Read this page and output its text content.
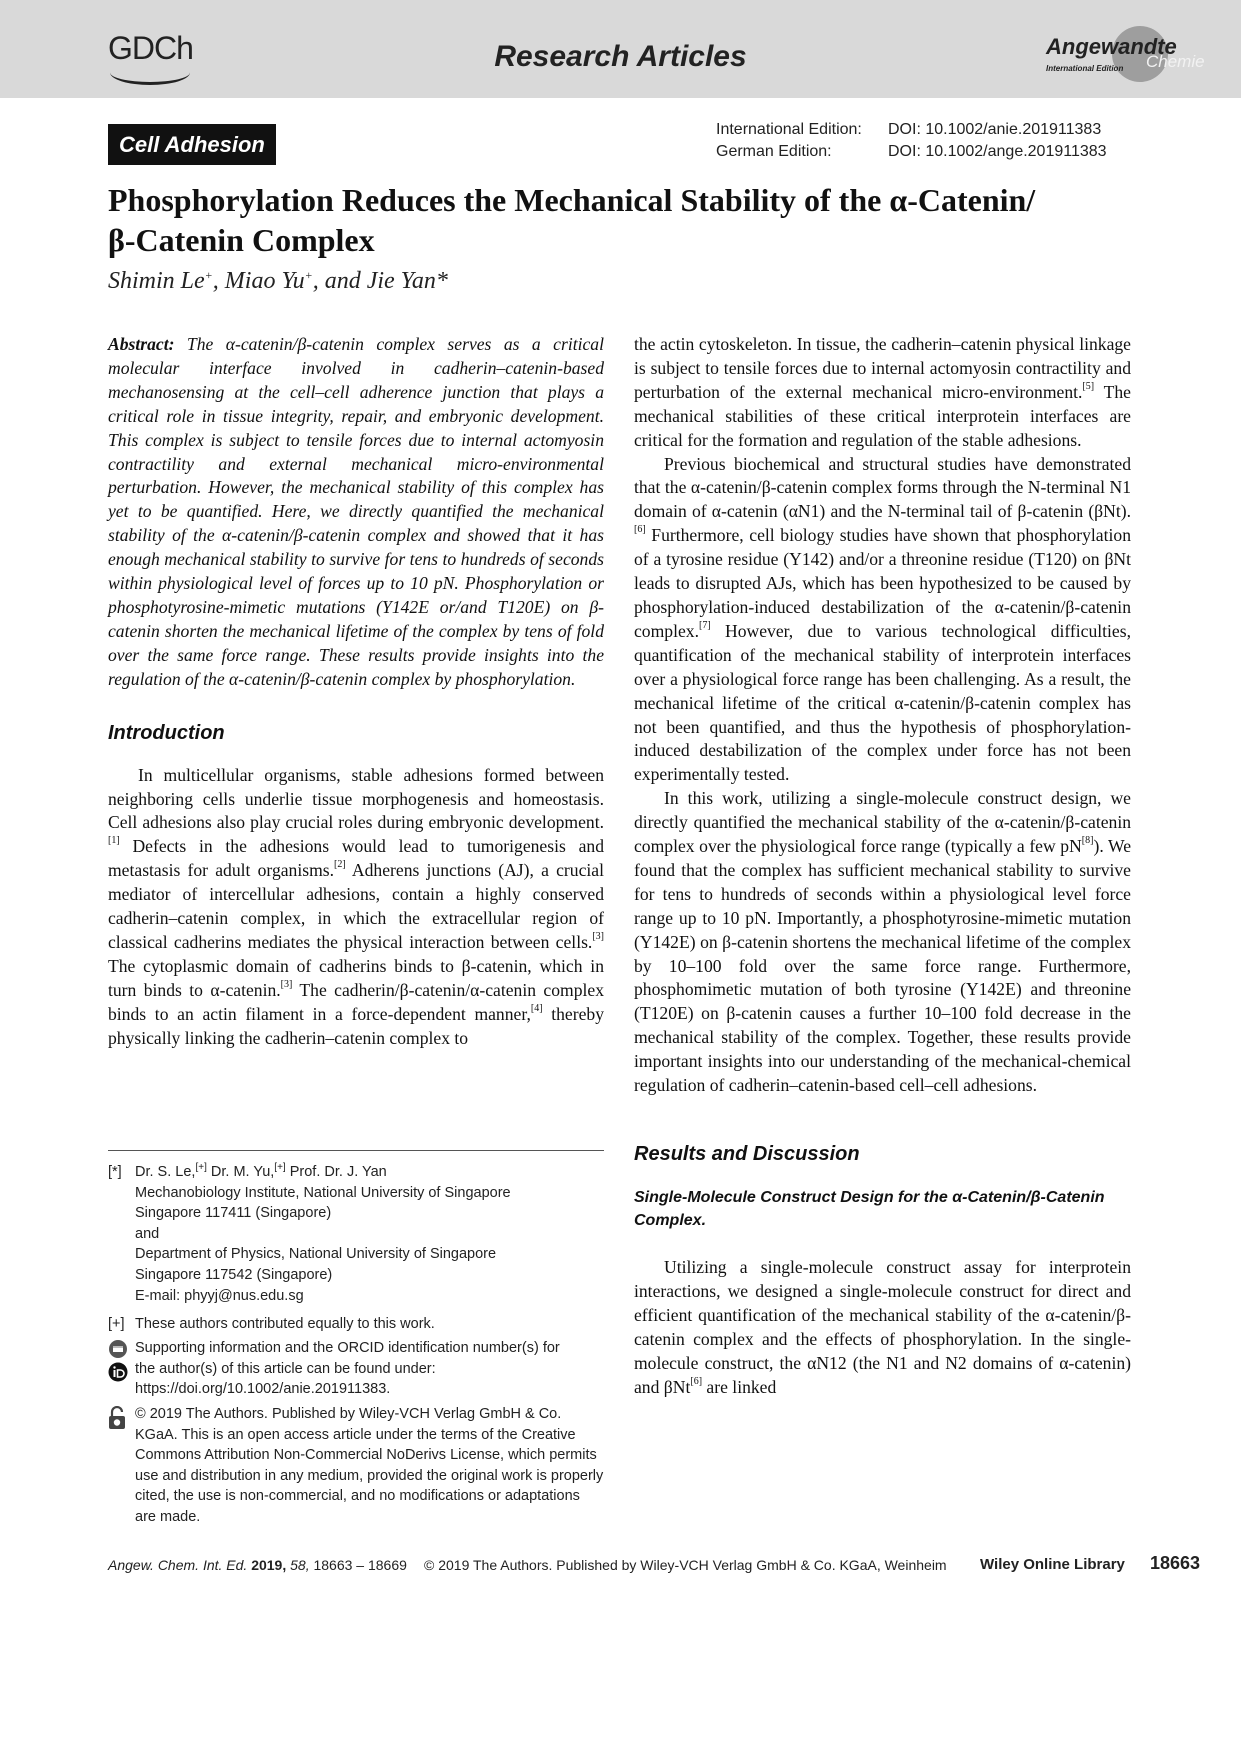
GDCh	Research Articles	Angewandte
International Edition Chemie
Cell Adhesion
International Edition:	DOI: 10.1002/anie.201911383
German Edition:	DOI: 10.1002/ange.201911383
Phosphorylation Reduces the Mechanical Stability of the α-Catenin/
β-Catenin Complex
Shimin Le+, Miao Yu+, and Jie Yan*

Abstract: The α-catenin/β-catenin complex serves as a critical molecular interface involved in cadherin–catenin-based mechanosensing at the cell–cell adherence junction that plays a critical role in tissue integrity, repair, and embryonic development. This complex is subject to tensile forces due to internal actomyosin contractility and external mechanical micro-environmental perturbation. However, the mechanical stability of this complex has yet to be quantified. Here, we directly quantified the mechanical stability of the α-catenin/β-catenin complex and showed that it has enough mechanical stability to survive for tens to hundreds of seconds within physiological level of forces up to 10 pN. Phosphorylation or phosphotyrosine-mimetic mutations (Y142E or/and T120E) on β-catenin shorten the mechanical lifetime of the complex by tens of fold over the same force range. These results provide insights into the regulation of the α-catenin/β-catenin complex by phosphorylation.

Introduction

In multicellular organisms, stable adhesions formed between neighboring cells underlie tissue morphogenesis and homeostasis. Cell adhesions also play crucial roles during embryonic development.[1] Defects in the adhesions would lead to tumorigenesis and metastasis for adult organisms.[2] Adherens junctions (AJ), a crucial mediator of intercellular adhesions, contain a highly conserved cadherin–catenin complex, in which the extracellular region of classical cadherins mediates the physical interaction between cells.[3] The cytoplasmic domain of cadherins binds to β-catenin, which in turn binds to α-catenin.[3] The cadherin/β-catenin/α-catenin complex binds to an actin filament in a force-dependent manner,[4] thereby physically linking the cadherin–catenin complex to

[*] Dr. S. Le,[+] Dr. M. Yu,[+] Prof. Dr. J. Yan
Mechanobiology Institute, National University of Singapore
Singapore 117411 (Singapore)
and
Department of Physics, National University of Singapore
Singapore 117542 (Singapore)
E-mail: phyyj@nus.edu.sg
[+] These authors contributed equally to this work.
Supporting information and the ORCID identification number(s) for
the author(s) of this article can be found under:
https://doi.org/10.1002/anie.201911383.
© 2019 The Authors. Published by Wiley-VCH Verlag GmbH & Co. KGaA. This is an open access article under the terms of the Creative Commons Attribution Non-Commercial NoDerivs License, which permits use and distribution in any medium, provided the original work is properly cited, the use is non-commercial, and no modifications or adaptations are made.

the actin cytoskeleton. In tissue, the cadherin–catenin physical linkage is subject to tensile forces due to internal actomyosin contractility and perturbation of the external mechanical micro-environment.[5] The mechanical stabilities of these critical interprotein interfaces are critical for the formation and regulation of the stable adhesions.

Previous biochemical and structural studies have demonstrated that the α-catenin/β-catenin complex forms through the N-terminal N1 domain of α-catenin (αN1) and the N-terminal tail of β-catenin (βNt).[6] Furthermore, cell biology studies have shown that phosphorylation of a tyrosine residue (Y142) and/or a threonine residue (T120) on βNt leads to disrupted AJs, which has been hypothesized to be caused by phosphorylation-induced destabilization of the α-catenin/β-catenin complex.[7] However, due to various technological difficulties, quantification of the mechanical stability of interprotein interfaces over a physiological force range has been challenging. As a result, the mechanical lifetime of the critical α-catenin/β-catenin complex has not been quantified, and thus the hypothesis of phosphorylation-induced destabilization of the complex under force has not been experimentally tested.

In this work, utilizing a single-molecule construct design, we directly quantified the mechanical stability of the α-catenin/β-catenin complex over the physiological force range (typically a few pN[8]). We found that the complex has sufficient mechanical stability to survive for tens to hundreds of seconds within a physiological level force range up to 10 pN. Importantly, a phosphotyrosine-mimetic mutation (Y142E) on β-catenin shortens the mechanical lifetime of the complex by 10–100 fold over the same force range. Furthermore, phosphomimetic mutation of both tyrosine (Y142E) and threonine (T120E) on β-catenin causes a further 10–100 fold decrease in the mechanical stability of the complex. Together, these results provide important insights into our understanding of the mechanical-chemical regulation of cadherin–catenin-based cell–cell adhesions.

Results and Discussion
Single-Molecule Construct Design for the α-Catenin/β-Catenin Complex.

Utilizing a single-molecule construct assay for interprotein interactions, we designed a single-molecule construct for direct and efficient quantification of the mechanical stability of the α-catenin/β-catenin complex and the effects of phosphorylation. In the single-molecule construct, the αN12 (the N1 and N2 domains of α-catenin) and βNt[6] are linked

Angew. Chem. Int. Ed. 2019, 58, 18663 – 18669 © 2019 The Authors. Published by Wiley-VCH Verlag GmbH & Co. KGaA, Weinheim Wiley Online Library 18663
